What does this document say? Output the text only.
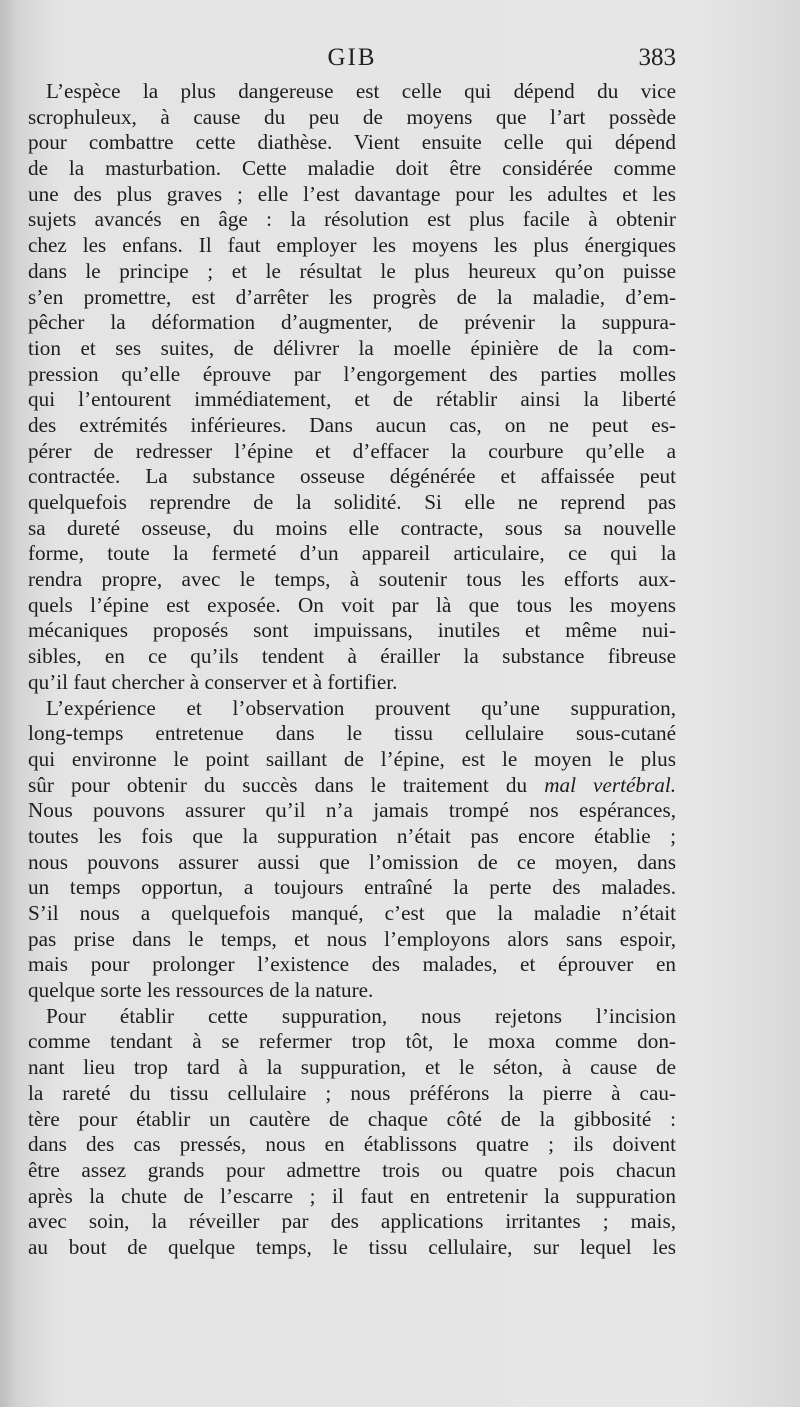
GIB	383
L’espèce la plus dangereuse est celle qui dépend du vice
scrophuleux, à cause du peu de moyens que l’art possède
pour combattre cette diathèse. Vient ensuite celle qui dépend
de la masturbation. Cette maladie doit être considérée comme
une des plus graves ; elle l’est davantage pour les adultes et les
sujets avancés en âge : la résolution est plus facile à obtenir
chez les enfans. Il faut employer les moyens les plus énergiques
dans le principe ; et le résultat le plus heureux qu’on puisse
s’en promettre, est d’arrêter les progrès de la maladie, d’em-
pêcher la déformation d’augmenter, de prévenir la suppura-
tion et ses suites, de délivrer la moelle épinière de la com-
pression qu’elle éprouve par l’engorgement des parties molles
qui l’entourent immédiatement, et de rétablir ainsi la liberté
des extrémités inférieures. Dans aucun cas, on ne peut es-
pérer de redresser l’épine et d’effacer la courbure qu’elle a
contractée. La substance osseuse dégénérée et affaissée peut
quelquefois reprendre de la solidité. Si elle ne reprend pas
sa dureté osseuse, du moins elle contracte, sous sa nouvelle
forme, toute la fermeté d’un appareil articulaire, ce qui la
rendra propre, avec le temps, à soutenir tous les efforts aux-
quels l’épine est exposée. On voit par là que tous les moyens
mécaniques proposés sont impuissans, inutiles et même nui-
sibles, en ce qu’ils tendent à érailler la substance fibreuse
qu’il faut chercher à conserver et à fortifier.
L’expérience et l’observation prouvent qu’une suppuration,
long-temps entretenue dans le tissu cellulaire sous-cutané
qui environne le point saillant de l’épine, est le moyen le plus
sûr pour obtenir du succès dans le traitement du mal vertébral.
Nous pouvons assurer qu’il n’a jamais trompé nos espérances,
toutes les fois que la suppuration n’était pas encore établie ;
nous pouvons assurer aussi que l’omission de ce moyen, dans
un temps opportun, a toujours entraîné la perte des malades.
S’il nous a quelquefois manqué, c’est que la maladie n’était
pas prise dans le temps, et nous l’employons alors sans espoir,
mais pour prolonger l’existence des malades, et éprouver en
quelque sorte les ressources de la nature.
Pour établir cette suppuration, nous rejetons l’incision
comme tendant à se refermer trop tôt, le moxa comme don-
nant lieu trop tard à la suppuration, et le séton, à cause de
la rareté du tissu cellulaire ; nous préférons la pierre à cau-
tère pour établir un cautère de chaque côté de la gibbosité :
dans des cas pressés, nous en établissons quatre ; ils doivent
être assez grands pour admettre trois ou quatre pois chacun
après la chute de l’escarre ; il faut en entretenir la suppuration
avec soin, la réveiller par des applications irritantes ; mais,
au bout de quelque temps, le tissu cellulaire, sur lequel les
